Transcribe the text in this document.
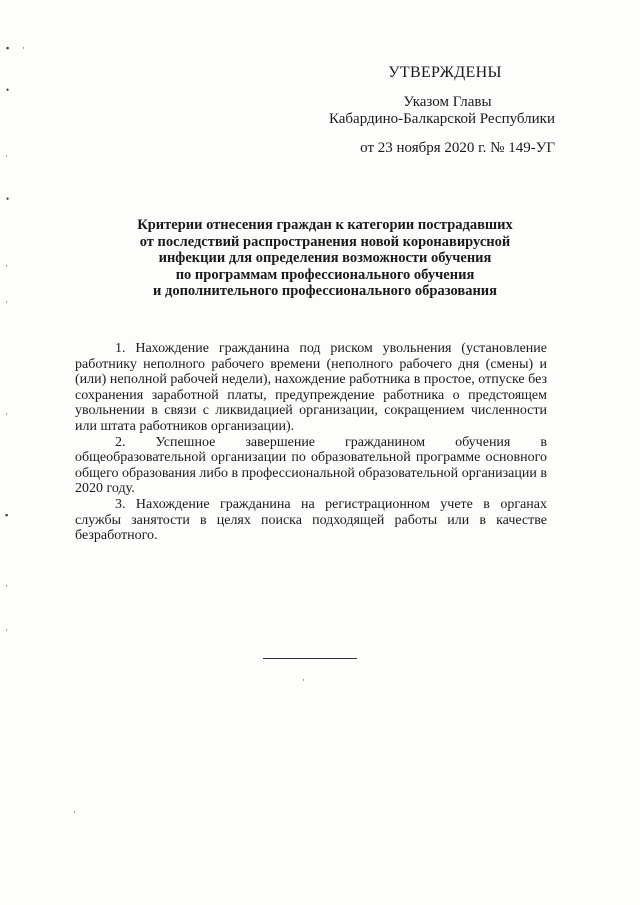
УТВЕРЖДЕНЫ
Указом Главы
Кабардино-Балкарской Республики
от 23 ноября 2020 г. № 149-УГ
Критерии отнесения граждан к категории пострадавших
от последствий распространения новой коронавирусной
инфекции для определения возможности обучения
по программам профессионального обучения
и дополнительного профессионального образования

1. Нахождение гражданина под риском увольнения (установление работнику неполного рабочего времени (неполного рабочего дня (смены) и (или) неполной рабочей недели), нахождение работника в простое, отпуске без сохранения заработной платы, предупреждение работника о предстоящем увольнении в связи с ликвидацией организации, сокращением численности или штата работников организации).

2. Успешное завершение гражданином обучения в общеобразовательной организации по образовательной программе основного общего образования либо в профессиональной образовательной организации в 2020 году.

3. Нахождение гражданина на регистрационном учете в органах службы занятости в целях поиска подходящей работы или в качестве безработного.

▪ ·
•
·
•
·
·
·
▪
·
·
·
·
